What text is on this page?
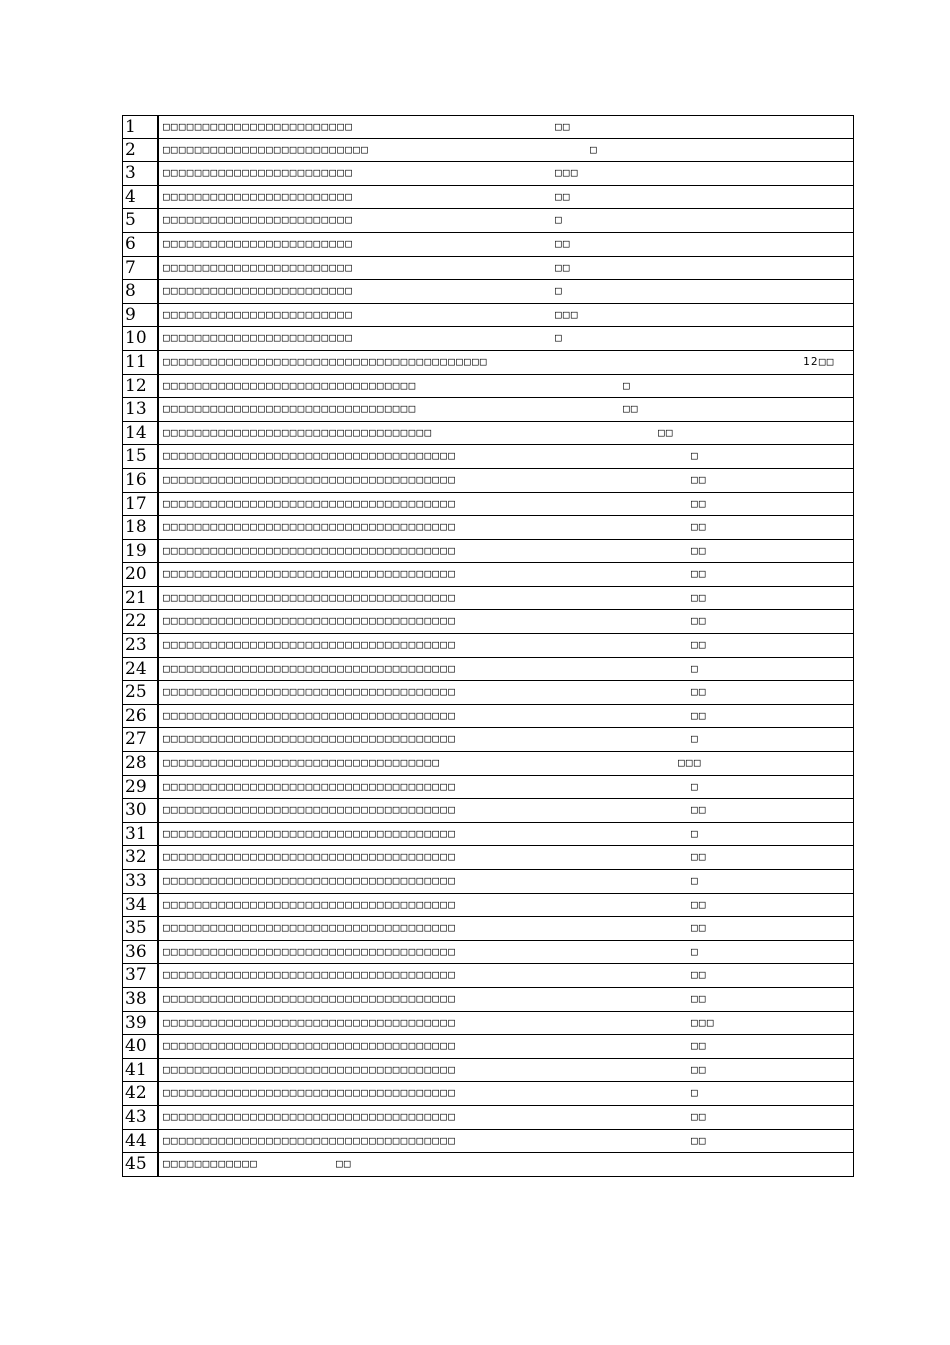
1	□□□□□□□□□□□□□□□□□□□□□□□□	□□
2	□□□□□□□□□□□□□□□□□□□□□□□□□□	□
3	□□□□□□□□□□□□□□□□□□□□□□□□	□□□
4	□□□□□□□□□□□□□□□□□□□□□□□□	□□
5	□□□□□□□□□□□□□□□□□□□□□□□□	□
6	□□□□□□□□□□□□□□□□□□□□□□□□	□□
7	□□□□□□□□□□□□□□□□□□□□□□□□	□□
8	□□□□□□□□□□□□□□□□□□□□□□□□	□
9	□□□□□□□□□□□□□□□□□□□□□□□□	□□□
10	□□□□□□□□□□□□□□□□□□□□□□□□	□
11	□□□□□□□□□□□□□□□□□□□□□□□□□□□□□□□□□□□□□□□□□	12□□
12	□□□□□□□□□□□□□□□□□□□□□□□□□□□□□□□□	□
13	□□□□□□□□□□□□□□□□□□□□□□□□□□□□□□□□	□□
14	□□□□□□□□□□□□□□□□□□□□□□□□□□□□□□□□□□	□□
15	□□□□□□□□□□□□□□□□□□□□□□□□□□□□□□□□□□□□□	□
16	□□□□□□□□□□□□□□□□□□□□□□□□□□□□□□□□□□□□□	□□
17	□□□□□□□□□□□□□□□□□□□□□□□□□□□□□□□□□□□□□	□□
18	□□□□□□□□□□□□□□□□□□□□□□□□□□□□□□□□□□□□□	□□
19	□□□□□□□□□□□□□□□□□□□□□□□□□□□□□□□□□□□□□	□□
20	□□□□□□□□□□□□□□□□□□□□□□□□□□□□□□□□□□□□□	□□
21	□□□□□□□□□□□□□□□□□□□□□□□□□□□□□□□□□□□□□	□□
22	□□□□□□□□□□□□□□□□□□□□□□□□□□□□□□□□□□□□□	□□
23	□□□□□□□□□□□□□□□□□□□□□□□□□□□□□□□□□□□□□	□□
24	□□□□□□□□□□□□□□□□□□□□□□□□□□□□□□□□□□□□□	□
25	□□□□□□□□□□□□□□□□□□□□□□□□□□□□□□□□□□□□□	□□
26	□□□□□□□□□□□□□□□□□□□□□□□□□□□□□□□□□□□□□	□□
27	□□□□□□□□□□□□□□□□□□□□□□□□□□□□□□□□□□□□□	□
28	□□□□□□□□□□□□□□□□□□□□□□□□□□□□□□□□□□□	□□□
29	□□□□□□□□□□□□□□□□□□□□□□□□□□□□□□□□□□□□□	□
30	□□□□□□□□□□□□□□□□□□□□□□□□□□□□□□□□□□□□□	□□
31	□□□□□□□□□□□□□□□□□□□□□□□□□□□□□□□□□□□□□	□
32	□□□□□□□□□□□□□□□□□□□□□□□□□□□□□□□□□□□□□	□□
33	□□□□□□□□□□□□□□□□□□□□□□□□□□□□□□□□□□□□□	□
34	□□□□□□□□□□□□□□□□□□□□□□□□□□□□□□□□□□□□□	□□
35	□□□□□□□□□□□□□□□□□□□□□□□□□□□□□□□□□□□□□	□□
36	□□□□□□□□□□□□□□□□□□□□□□□□□□□□□□□□□□□□□	□
37	□□□□□□□□□□□□□□□□□□□□□□□□□□□□□□□□□□□□□	□□
38	□□□□□□□□□□□□□□□□□□□□□□□□□□□□□□□□□□□□□	□□
39	□□□□□□□□□□□□□□□□□□□□□□□□□□□□□□□□□□□□□	□□□
40	□□□□□□□□□□□□□□□□□□□□□□□□□□□□□□□□□□□□□	□□
41	□□□□□□□□□□□□□□□□□□□□□□□□□□□□□□□□□□□□□	□□
42	□□□□□□□□□□□□□□□□□□□□□□□□□□□□□□□□□□□□□	□
43	□□□□□□□□□□□□□□□□□□□□□□□□□□□□□□□□□□□□□	□□
44	□□□□□□□□□□□□□□□□□□□□□□□□□□□□□□□□□□□□□	□□
45	□□□□□□□□□□□□	□□
